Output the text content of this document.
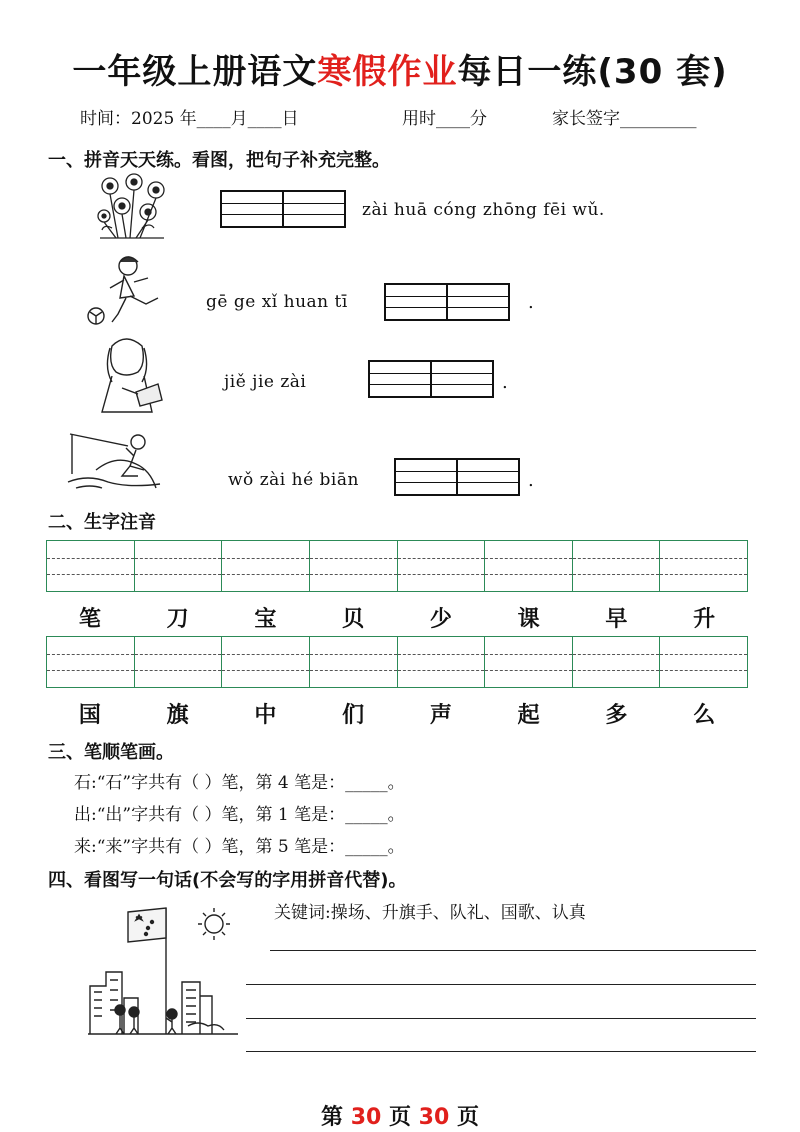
一年级上册语文寒假作业每日一练(30 套)
时间：2025 年____月____日	用时____分	家长签字_________
一、拼音天天练。看图，把句子补充完整。
zài huā cóng zhōng fēi wǔ.
gē ge xǐ huan tī	.
jiě jie zài	.
wǒ zài hé biān	.
二、生字注音
笔	刀	宝	贝	少	课	早	升
国	旗	中	们	声	起	多	么
三、笔顺笔画。
石:“石”字共有（ ）笔，第 4 笔是：_____。
出:“出”字共有（ ）笔，第 1 笔是：_____。
来:“来”字共有（ ）笔，第 5 笔是：_____。
四、看图写一句话(不会写的字用拼音代替)。
关键词:操场、升旗手、队礼、国歌、认真
第 30 页 30 页
